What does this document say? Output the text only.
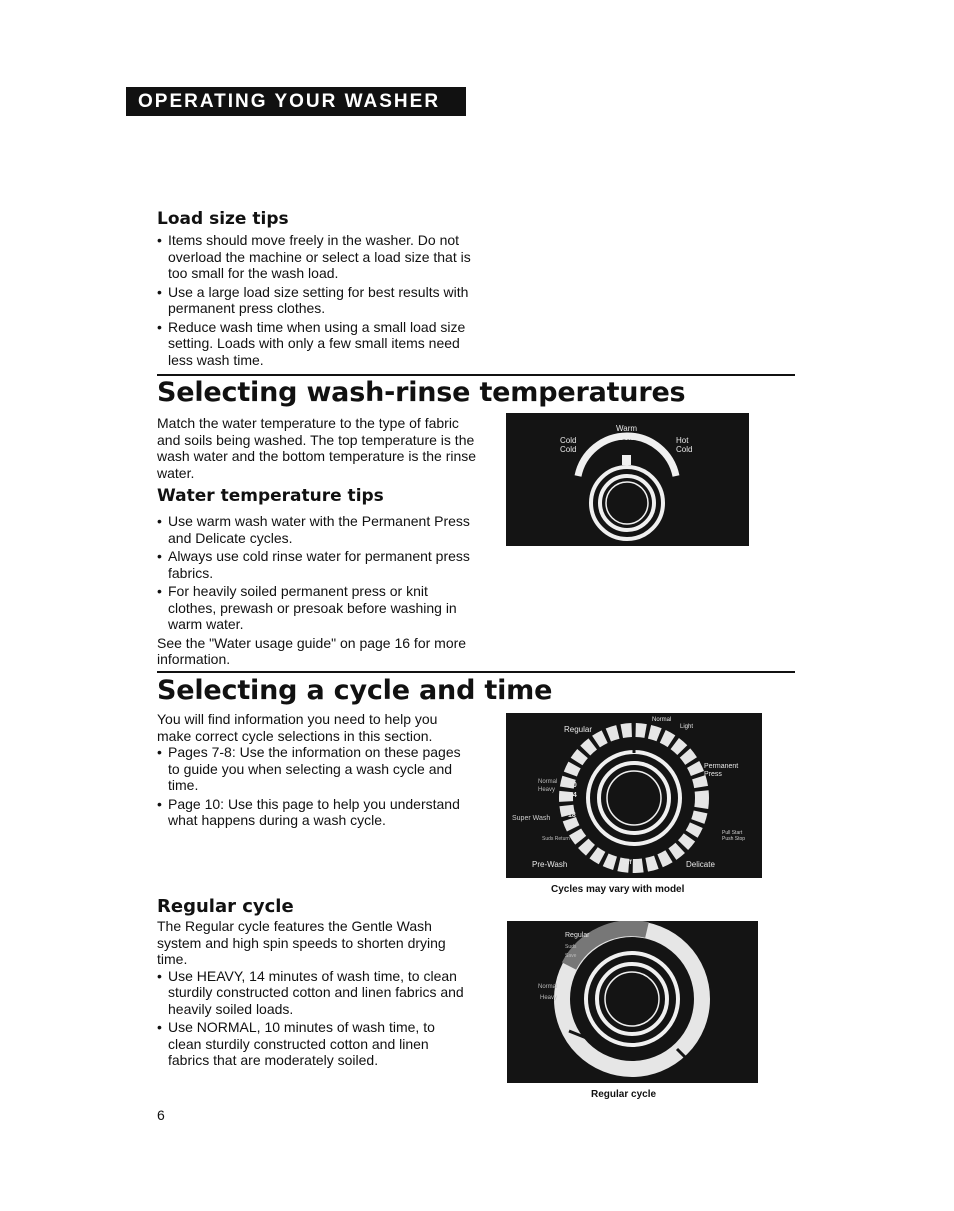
OPERATING YOUR WASHER
Load size tips
• Items should move freely in the washer. Do not overload the machine or select a load size that is too small for the wash load.
• Use a large load size setting for best results with permanent press clothes.
• Reduce wash time when using a small load size setting. Loads with only a few small items need less wash time.
Selecting wash-rinse temperatures
Match the water temperature to the type of fabric and soils being washed. The top temperature is the wash water and the bottom temperature is the rinse water.
Water temperature tips
• Use warm wash water with the Permanent Press and Delicate cycles.
• Always use cold rinse water for permanent press fabrics.
• For heavily soiled permanent press or knit clothes, prewash or presoak before washing in warm water.

See the "Water usage guide" on page 16 for more information.

Cold
Cold
Warm
Cold	Hot
Cold
Selecting a cycle and time

You will find information you need to help you make correct cycle selections in this section.

• Pages 7-8: Use the information on these pages to guide you when selecting a wash cycle and time.
• Page 10: Use this page to help you understand what happens during a wash cycle.
Regular
Normal
Light
Permanent
Press
Normal
Heavy
10
14
Super Wash	18
Suds Return
Pull Start
Push Stop
Pre-Wash	Delicate
Off
Cycles may vary with model
Regular cycle

The Regular cycle features the Gentle Wash system and high spin speeds to shorten drying time.

• Use HEAVY, 14 minutes of wash time, to clean sturdily constructed cotton and linen fabrics and heavily soiled loads.
• Use NORMAL, 10 minutes of wash time, to clean sturdily constructed cotton and linen fabrics that are moderately soiled.
Regular
Suds Save
Normal
Heavy
Regular cycle
6
